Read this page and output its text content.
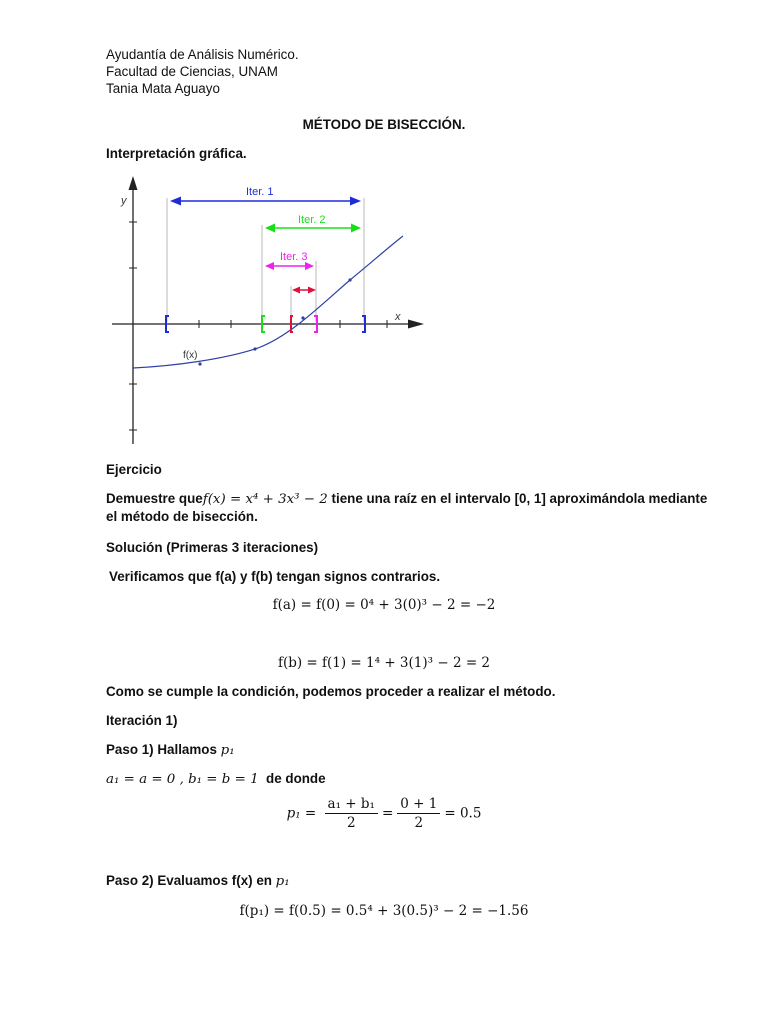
Ayudantía de Análisis Numérico.
Facultad de Ciencias, UNAM
Tania Mata Aguayo
MÉTODO DE BISECCIÓN.
Interpretación gráfica.
y
x
f(x)
Iter. 1
Iter. 2
Iter. 3
Ejercicio
Demuestre quef(x) = x⁴ + 3x³ − 2 tiene una raíz en el intervalo [0, 1] aproximándola mediante
el método de bisección.
Solución (Primeras 3 iteraciones)
Verificamos que f(a) y f(b) tengan signos contrarios.
f(a) = f(0) = 0⁴ + 3(0)³ − 2 = −2
f(b) = f(1) = 1⁴ + 3(1)³ − 2 = 2
Como se cumple la condición, podemos proceder a realizar el método.
Iteración 1)
Paso 1) Hallamos p₁
a₁ = a = 0 , b₁ = b = 1 de donde
$p_1 = \frac{\text{a₁ + b₁}}{2} = \frac{0 + 1}{2} = 0.5$
Paso 2) Evaluamos f(x) en p₁
f(p₁) = f(0.5) = 0.5⁴ + 3(0.5)³ − 2 = −1.56
